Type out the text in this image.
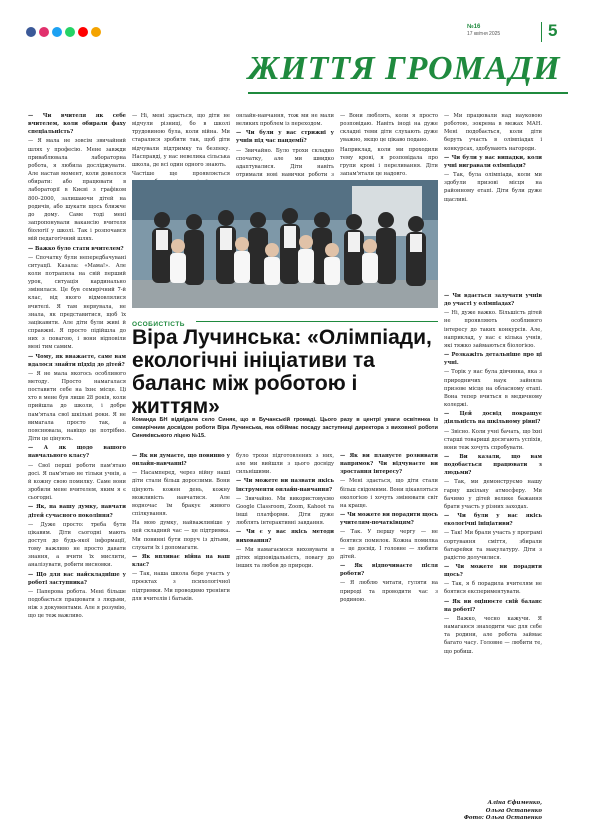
№16
17 квітня 2025	5
ЖИТТЯ ГРОМАДИ

— Чи вчителя як себе вчителем, коли обирали фаху спеціальність?

— Я мала не зовсім звичайний шлях у професію. Мене завжди приваблювала лабораторна робота, я любила досліджувати. Але настав момент, коли довелося обирати: або працювати в лабораторії в Києві з графіком 800–2000, залишаючи дітей на родичів, або шукати щось ближче до дому. Саме тоді мені запропонували вакансію вчителя біології у школі. Так і розпочався мій педагогічний шлях.

— Важко було стати вчителем?

— Спочатку були непередбачувані ситуації. Казала: «Мама!». Але коли потрапила на свій перший урок, ситуація кардинально змінилася. Це був семирічний 7-й клас, від якого відмовлялися вчителі. Я там нервувала, не знала, як представитися, щоб їх зацікавити. Але діти були живі й справжні. Я просто підійшла до них з повагою, і вони відповіли мені тим самим.

— Чому, як вважаєте, саме вам вдалося знайти підхід до дітей?

— Я не мала якогось особливого методу. Просто намагалася поставити себе на їхнє місце. Ці хто в мене був лише 28 років, коли прийшла до школи, і добре пам'ятала свої шкільні роки. Я не вимагала просто так, а пояснювала, навіщо це потрібно. Діти це цінують.

— А як щодо вашого навчального класу?

— Свої перші роботи пам'ятаю досі. Я пам'ятаю не тільки учнів, а й кожну свою помилку. Саме вони зробили мене вчителем, яким я є сьогодні.

— Як, на вашу думку, навчати дітей сучасного покоління?

— Дуже просто: треба бути цікавим. Діти сьогодні мають доступ до будь-якої інформації, тому важливо не просто давати знання, а вчити їх мислити, аналізувати, робити висновки.

— Що для вас найскладніше у роботі заступника?

— Паперова робота. Мені більше подобається працювати з людьми, ніж з документами. Але я розумію, що це теж важливо.

— Ні, мені здається, що діти не відчули різниці, бо в школі трудовиною була, коли війна. Ми старалися зробити так, щоб діти відчували підтримку та безпеку. Насправді, у нас невелика сільська школа, де всі один одного знають.

Частіше ще проявляється

онлайн-навчання, тож ми не мали великих проблем із переходом.

— Чи були у вас стрижні у учнів під час пандемії?

— Звичайно. Було трохи складно спочатку, але ми швидко адаптувалися. Діти навіть отримали нові навички роботи з

— Вони люблять, коли я просто розповідаю. Навіть іноді на дуже складні теми діти слухають дуже уважно, якщо це цікаво подано.

Наприклад, коли ми проходили тему крові, я розповідала про групи крові і переливання. Діти запам'ятали це надовго.

— Ми працювали над науковою роботою, зокрема в межах МАН. Мені подобається, коли діти беруть участь в олімпіадах і конкурсах, здобувають нагороди.

— Чи були у вас випадки, коли учні вигравали олімпіади?

— Так, була олімпіада, коли ми здобули призові місця на районному етапі. Діти були дуже щасливі.

— Чи вдається залучати учнів до участі у олімпіадах?

— Ні, дуже важко. Більшість дітей не проявляють особливого інтересу до таких конкурсів. Але, наприклад, у нас є кілька учнів, які тяжко займаються біологією.

— Розкажіть детальніше про ці учні.

— Торік у нас була дівчинка, яка з природничих наук зайняла призове місце на обласному етапі. Вона тепер вчиться в медичному коледжі.

— Цей досвід покращує діяльність на шкільному рівні?

— Звісно. Коли учні бачать, що їхні старші товариші досягають успіхів, вони теж хочуть спробувати.

— Ви казали, що вам подобається працювати з людьми?

— Так, ми демонструємо нашу гарну шкільну атмосферу. Ми бачимо у дітей велике бажання брати участь у різних заходах.

— Чи були у вас якісь екологічні ініціативи?

— Так! Ми брали участь у програмі сортування сміття, збирали батарейки та макулатуру. Діти з радістю долучилися.

— Чи можете ви порадити щось?

— Так, я б порадила вчителям не боятися експериментувати.

— Як ви оцінюєте свій баланс на роботі?

— Важко, чесно кажучи. Я намагаюся знаходити час для себе та родини, але робота займає багато часу. Головне — любити те, що робиш.

ОСОБИСТІСТЬ
Віра Лучинська: «Олімпіади, екологічні ініціативи та баланс між роботою і життям»
Команда БН відвідала село Синяк, що в Бучанській громаді. Цього разу в центрі уваги освітянка із семирічним досвідом роботи Віра Лучинська, яка обіймає посаду заступниці директора з виховної роботи Синяківського ліцею №15.

— Як ви думаєте, що повинно у онлайн-навчанні?

— Насамперед, через війну наші діти стали більш дорослими. Вони цінують кожен день, кожну можливість навчатися. Але водночас їм бракує живого спілкування.

На мою думку, найважливіше у цей складний час — це підтримка. Ми повинні бути поруч із дітьми, слухати їх і допомагати.

— Як впливає війна на ваш клас?

— Так, наша школа бере участь у проєктах з психологічної підтримки. Ми проводимо тренінги для вчителів і батьків.

було трохи підготовлених з них, але ми вийшли з цього досвіду сильнішими.

— Чи можете ви назвати якісь інструменти онлайн-навчання?

— Звичайно. Ми використовуємо Google Classroom, Zoom, Kahoot та інші платформи. Діти дуже люблять інтерактивні завдання.

— Чи є у вас якісь методи виховання?

— Ми намагаємося виховувати в дітях відповідальність, повагу до інших та любов до природи.

— Як ви плануєте розвивати напрямок? Чи відчуваєте ви зростання інтересу?

— Мені здається, що діти стали більш свідомими. Вони цікавляться екологією і хочуть змінювати світ на краще.

— Чи можете ви порадити щось учителям-початківцям?

— Так. У першу чергу — не боятися помилок. Кожна помилка — це досвід. І головне — любити дітей.

— Як відпочиваєте після роботи?

— Я люблю читати, гуляти на природі та проводити час з родиною.

Аліна Єфименко,
Ольга Остапенко
Фото: Ольга Остапенко
